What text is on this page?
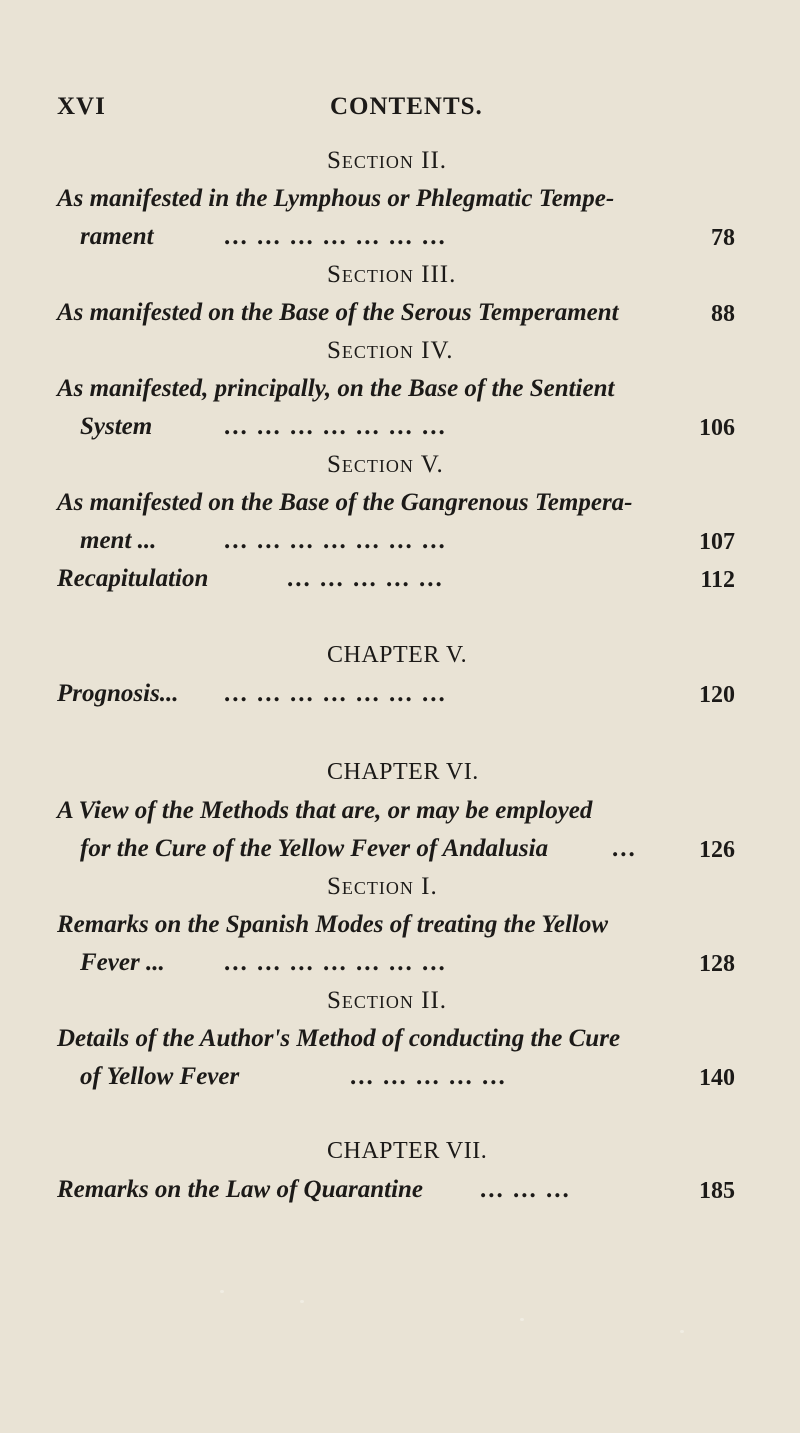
XVI	CONTENTS.
Section II.
As manifested in the Lymphous or Phlegmatic Tempe-
rament	... ... ... ... ... ... ...	78
Section III.
As manifested on the Base of the Serous Temperament	88
Section IV.
As manifested, principally, on the Base of the Sentient
System	... ... ... ... ... ... ...	106
Section V.
As manifested on the Base of the Gangrenous Tempera-
ment ...	... ... ... ... ... ... ...	107
Recapitulation	... ... ... ... ...	112
CHAPTER V.
Prognosis... ... ... ... ... ... ... ...	120
CHAPTER VI.
A View of the Methods that are, or may be employed
for the Cure of the Yellow Fever of Andalusia	...	126
Section I.
Remarks on the Spanish Modes of treating the Yellow
Fever ... ... ... ... ... ... ... ...	128
Section II.
Details of the Author's Method of conducting the Cure
of Yellow Fever	... ... ... ... ...	140
CHAPTER VII.
Remarks on the Law of Quarantine ... ... ...	185
